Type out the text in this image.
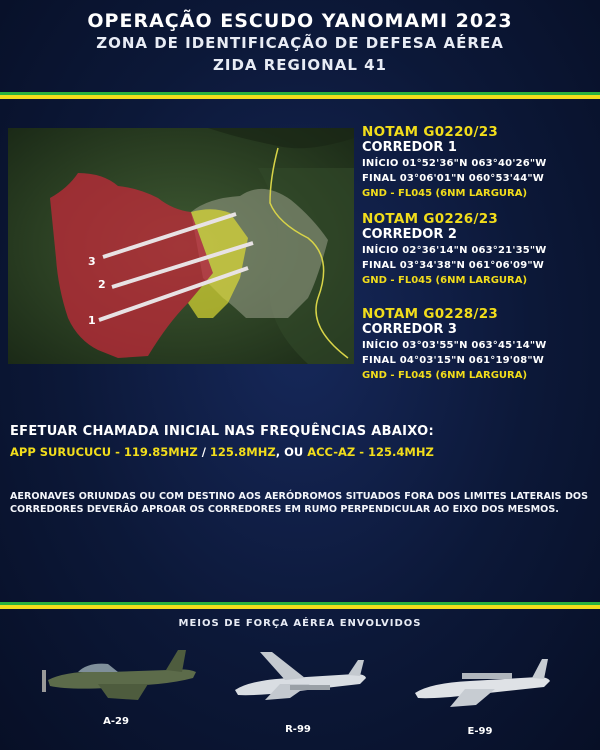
OPERAÇÃO ESCUDO YANOMAMI 2023
ZONA DE IDENTIFICAÇÃO DE DEFESA AÉREA
ZIDA REGIONAL 41
3
2
1
NOTAM G0220/23
CORREDOR 1
INÍCIO 01°52'36"N 063°40'26"W
FINAL 03°06'01"N 060°53'44"W
GND - FL045 (6NM LARGURA)
NOTAM G0226/23
CORREDOR 2
INÍCIO 02°36'14"N 063°21'35"W
FINAL 03°34'38"N 061°06'09"W
GND - FL045 (6NM LARGURA)
NOTAM G0228/23
CORREDOR 3
INÍCIO 03°03'55"N 063°45'14"W
FINAL 04°03'15"N 061°19'08"W
GND - FL045 (6NM LARGURA)
EFETUAR CHAMADA INICIAL NAS FREQUÊNCIAS ABAIXO:
APP SURUCUCU - 119.85MHZ / 125.8MHZ, OU ACC-AZ - 125.4MHZ
AERONAVES ORIUNDAS OU COM DESTINO AOS AERÓDROMOS SITUADOS FORA DOS LIMITES LATERAIS DOS CORREDORES DEVERÃO APROAR OS CORREDORES EM RUMO PERPENDICULAR AO EIXO DOS MESMOS.
MEIOS DE FORÇA AÉREA ENVOLVIDOS
A-29
R-99	E-99
